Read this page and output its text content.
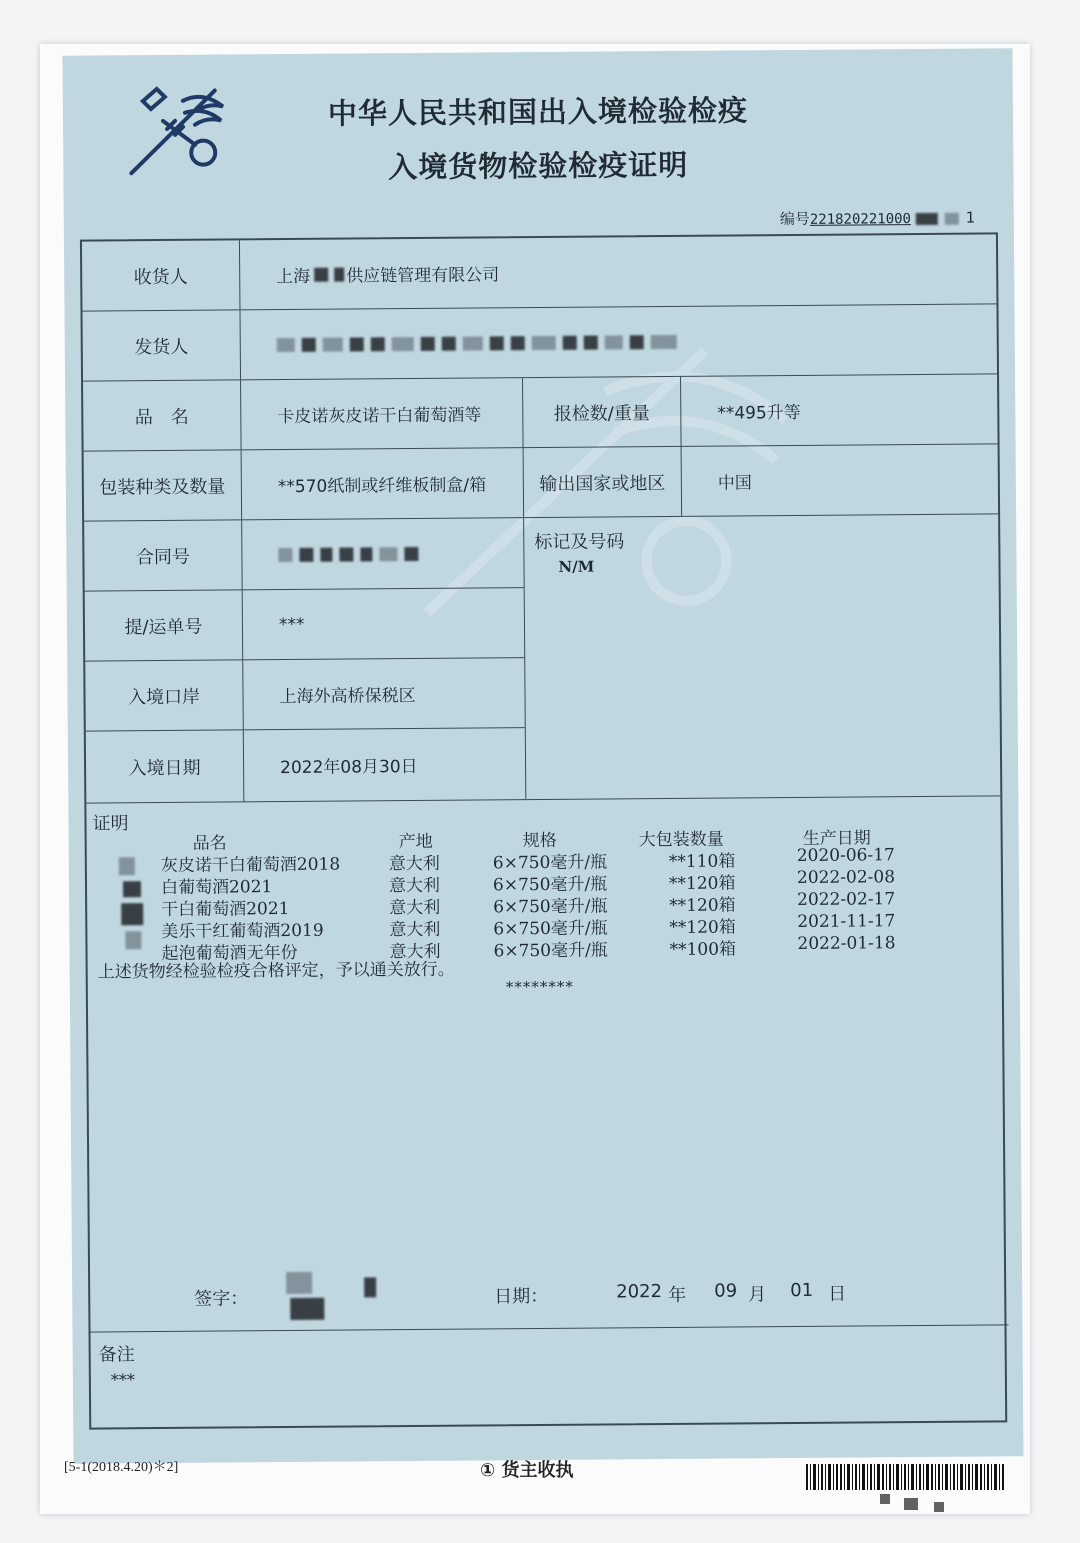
中华人民共和国出入境检验检疫
入境货物检验检疫证明
编号221820221000	1
收货人	上海 供应链管理有限公司
发货人
品　名	卡皮诺灰皮诺干白葡萄酒等	报检数/重量	**495升等
包装种类及数量	**570纸制或纤维板制盒/箱	输出国家或地区	中国
合同号
提/运单号	***
入境口岸	上海外高桥保税区
入境日期	2022年08月30日
标记及号码
N/M
证明
品名	产地	规格	大包装数量	生产日期
灰皮诺干白葡萄酒2018	意大利	6×750毫升/瓶	**110箱	2020-06-17
白葡萄酒2021	意大利	6×750毫升/瓶	**120箱	2022-02-08
干白葡萄酒2021	意大利	6×750毫升/瓶	**120箱	2022-02-17
美乐干红葡萄酒2019	意大利	6×750毫升/瓶	**120箱	2021-11-17
起泡葡萄酒无年份	意大利	6×750毫升/瓶	**100箱	2022-01-18
上述货物经检验检疫合格评定，予以通关放行。
********
签字：	日期：	2022 年 09 月 01 日
备注
***
[5-1(2018.4.20)＊2]	① 货主收执
